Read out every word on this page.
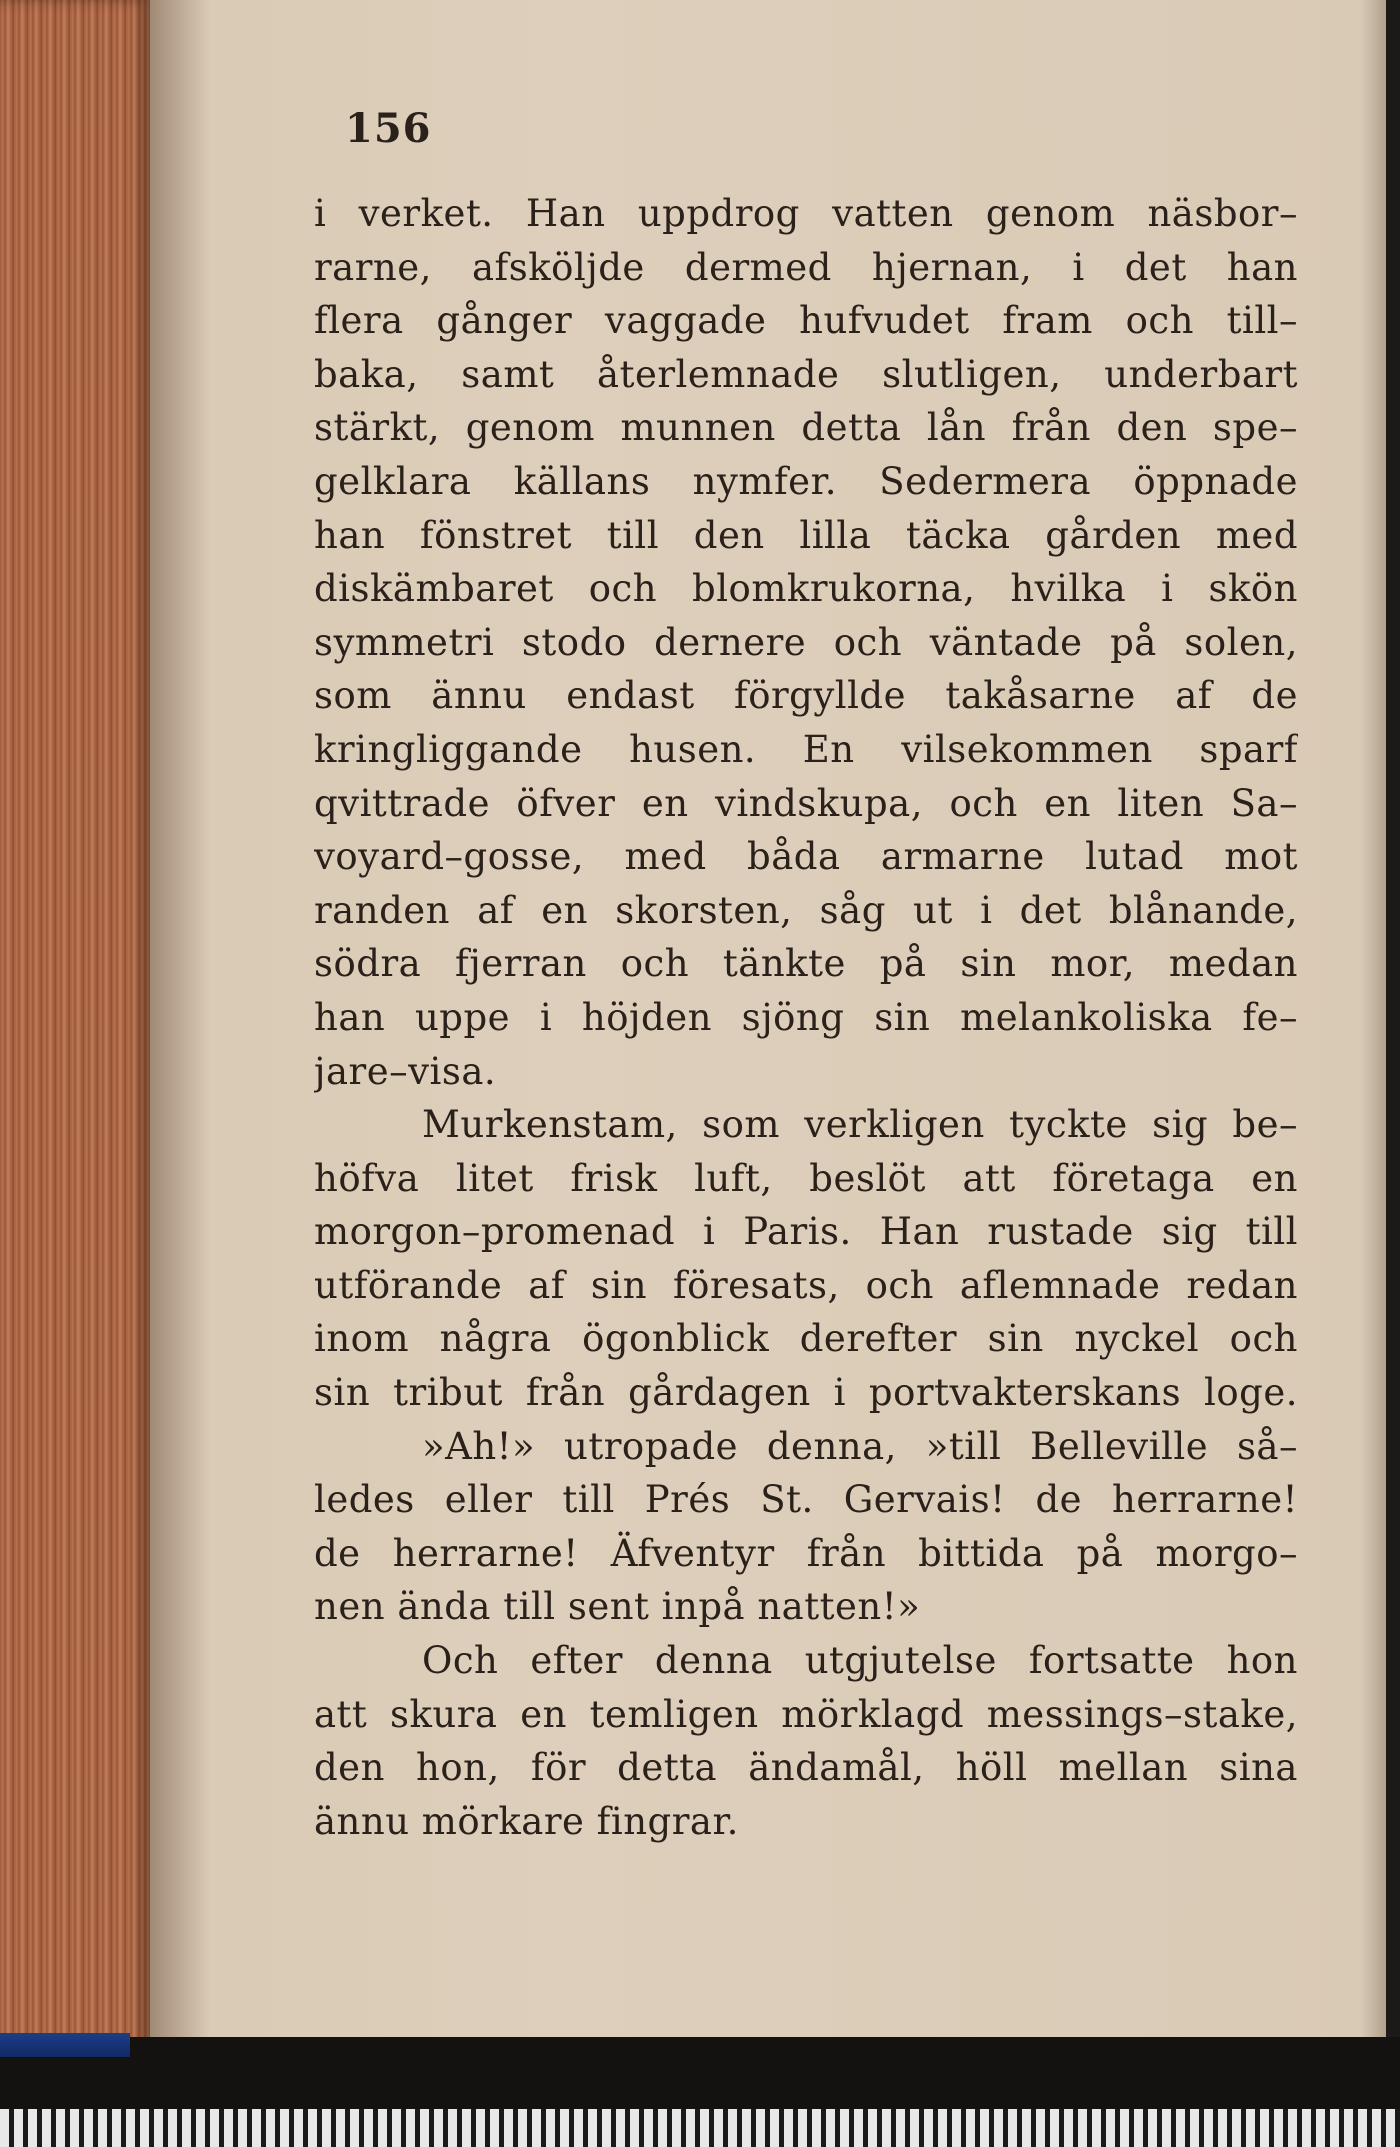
156
i verket. Han uppdrog vatten genom näsbor–
rarne, afsköljde dermed hjernan, i det han
flera gånger vaggade hufvudet fram och till–
baka, samt återlemnade slutligen, underbart
stärkt, genom munnen detta lån från den spe–
gelklara källans nymfer. Sedermera öppnade
han fönstret till den lilla täcka gården med
diskämbaret och blomkrukorna, hvilka i skön
symmetri stodo dernere och väntade på solen,
som ännu endast förgyllde takåsarne af de
kringliggande husen. En vilsekommen sparf
qvittrade öfver en vindskupa, och en liten Sa–
voyard–gosse, med båda armarne lutad mot
randen af en skorsten, såg ut i det blånande,
södra fjerran och tänkte på sin mor, medan
han uppe i höjden sjöng sin melankoliska fe–
jare–visa.
Murkenstam, som verkligen tyckte sig be–
höfva litet frisk luft, beslöt att företaga en
morgon–promenad i Paris. Han rustade sig till
utförande af sin föresats, och aflemnade redan
inom några ögonblick derefter sin nyckel och
sin tribut från gårdagen i portvakterskans loge.
»Ah!» utropade denna, »till Belleville så–
ledes eller till Prés St. Gervais! de herrarne!
de herrarne! Äfventyr från bittida på morgo–
nen ända till sent inpå natten!»
Och efter denna utgjutelse fortsatte hon
att skura en temligen mörklagd messings–stake,
den hon, för detta ändamål, höll mellan sina
ännu mörkare fingrar.
